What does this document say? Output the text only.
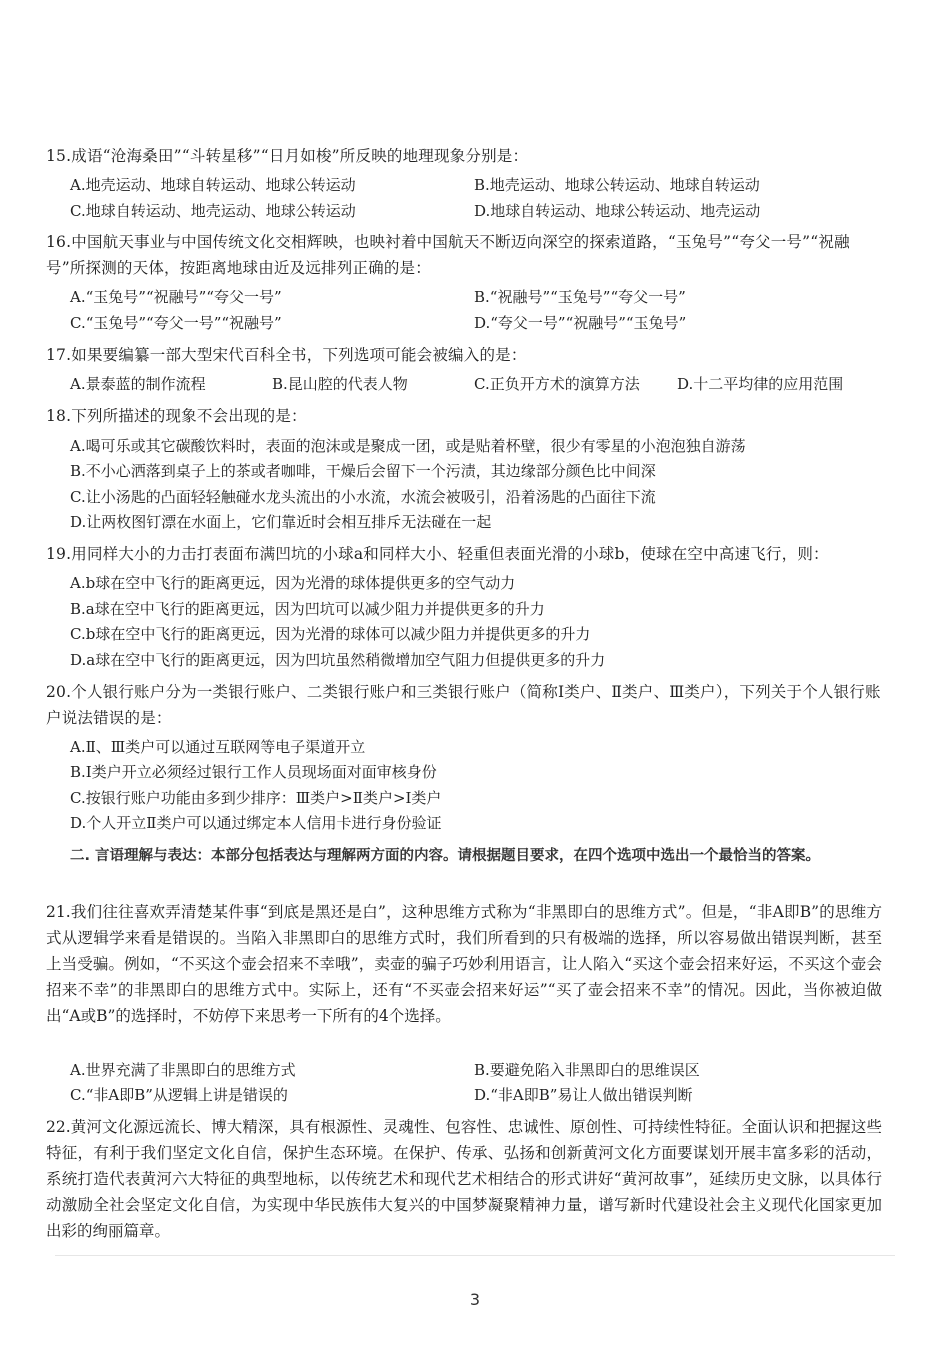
15.成语“沧海桑田”“斗转星移”“日月如梭”所反映的地理现象分别是：
A.地壳运动、地球自转运动、地球公转运动	B.地壳运动、地球公转运动、地球自转运动
C.地球自转运动、地壳运动、地球公转运动	D.地球自转运动、地球公转运动、地壳运动
16.中国航天事业与中国传统文化交相辉映，也映衬着中国航天不断迈向深空的探索道路，“玉兔号”“夸父一号”“祝融号”所探测的天体，按距离地球由近及远排列正确的是：
A.“玉兔号”“祝融号”“夸父一号”	B.“祝融号”“玉兔号”“夸父一号”
C.“玉兔号”“夸父一号”“祝融号”	D.“夸父一号”“祝融号”“玉兔号”
17.如果要编纂一部大型宋代百科全书，下列选项可能会被编入的是：
A.景泰蓝的制作流程	B.昆山腔的代表人物	C.正负开方术的演算方法 D.十二平均律的应用范围
18.下列所描述的现象不会出现的是：
A.喝可乐或其它碳酸饮料时，表面的泡沫或是聚成一团，或是贴着杯壁，很少有零星的小泡泡独自游荡
B.不小心洒落到桌子上的茶或者咖啡，干燥后会留下一个污渍，其边缘部分颜色比中间深
C.让小汤匙的凸面轻轻触碰水龙头流出的小水流，水流会被吸引，沿着汤匙的凸面往下流
D.让两枚图钉漂在水面上，它们靠近时会相互排斥无法碰在一起
19.用同样大小的力击打表面布满凹坑的小球a和同样大小、轻重但表面光滑的小球b，使球在空中高速飞行，则：
A.b球在空中飞行的距离更远，因为光滑的球体提供更多的空气动力
B.a球在空中飞行的距离更远，因为凹坑可以减少阻力并提供更多的升力
C.b球在空中飞行的距离更远，因为光滑的球体可以减少阻力并提供更多的升力
D.a球在空中飞行的距离更远，因为凹坑虽然稍微增加空气阻力但提供更多的升力
20.个人银行账户分为一类银行账户、二类银行账户和三类银行账户（简称Ⅰ类户、Ⅱ类户、Ⅲ类户），下列关于个人银行账户说法错误的是：
A.Ⅱ、Ⅲ类户可以通过互联网等电子渠道开立
B.Ⅰ类户开立必须经过银行工作人员现场面对面审核身份
C.按银行账户功能由多到少排序：Ⅲ类户>Ⅱ类户>Ⅰ类户
D.个人开立Ⅱ类户可以通过绑定本人信用卡进行身份验证
二. 言语理解与表达：本部分包括表达与理解两方面的内容。请根据题目要求，在四个选项中选出一个最恰当的答案。
21.我们往往喜欢弄清楚某件事“到底是黑还是白”，这种思维方式称为“非黑即白的思维方式”。但是，“非A即B”的思维方式从逻辑学来看是错误的。当陷入非黑即白的思维方式时，我们所看到的只有极端的选择，所以容易做出错误判断，甚至上当受骗。例如，“不买这个壶会招来不幸哦”，卖壶的骗子巧妙利用语言，让人陷入“买这个壶会招来好运，不买这个壶会招来不幸”的非黑即白的思维方式中。实际上，还有“不买壶会招来好运”“买了壶会招来不幸”的情况。因此，当你被迫做出“A或B”的选择时，不妨停下来思考一下所有的4个选择。
A.世界充满了非黑即白的思维方式	B.要避免陷入非黑即白的思维误区
C.“非A即B”从逻辑上讲是错误的	D.“非A即B”易让人做出错误判断
22.黄河文化源远流长、博大精深，具有根源性、灵魂性、包容性、忠诚性、原创性、可持续性特征。全面认识和把握这些特征，有利于我们坚定文化自信，保护生态环境。在保护、传承、弘扬和创新黄河文化方面要谋划开展丰富多彩的活动，系统打造代表黄河六大特征的典型地标，以传统艺术和现代艺术相结合的形式讲好“黄河故事”，延续历史文脉，以具体行动激励全社会坚定文化自信，为实现中华民族伟大复兴的中国梦凝聚精神力量，谱写新时代建设社会主义现代化国家更加出彩的绚丽篇章。
3
